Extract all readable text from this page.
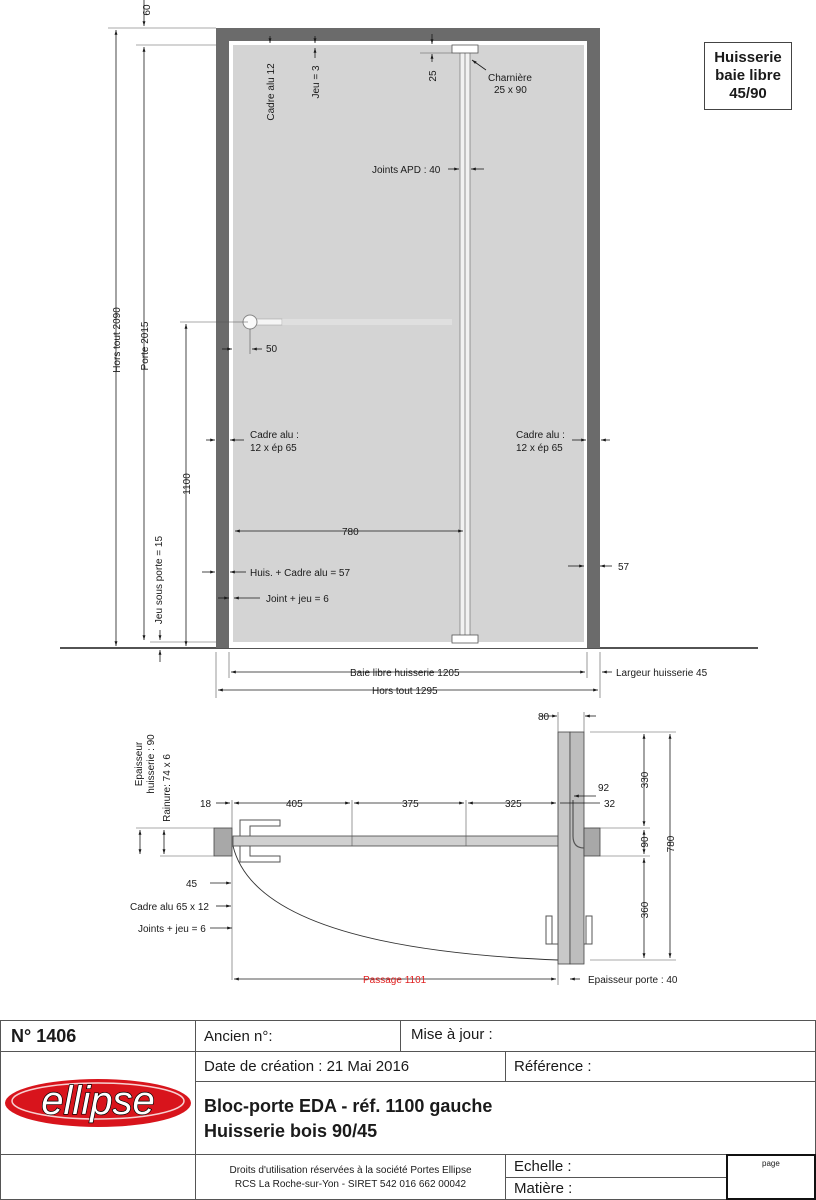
60
Cadre alu 12	Jeu = 3	25	Charnière
25 x 90
Joints APD : 40
Hors tout 2090 Porte 2015	50
Cadre alu :
12 x ép 65
Cadre alu :
12 x ép 65
1100
780
Jeu sous porte = 15	Huis. + Cadre alu = 57
57
Joint + jeu = 6
Baie libre huisserie 1205	Largeur huisserie 45
Hors tout 1295
80
Epaisseur huisserie : 90 Rainure: 74 x 6	18	405	375	325
92
32
330
90 780
360
45
Cadre alu 65 x 12
Joints + jeu = 6
Passage 1101	Epaisseur porte : 40
Huisserie
baie libre
45/90
N° 1406	Ancien n°:	Mise à jour :
ellipse
Date de création : 21 Mai 2016	Référence :
Bloc-porte EDA - réf. 1100 gauche
Huisserie bois 90/45
Droits d'utilisation réservées à la société Portes Ellipse
RCS La Roche-sur-Yon - SIRET 542 016 662 00042
Echelle :
Matière :
page
